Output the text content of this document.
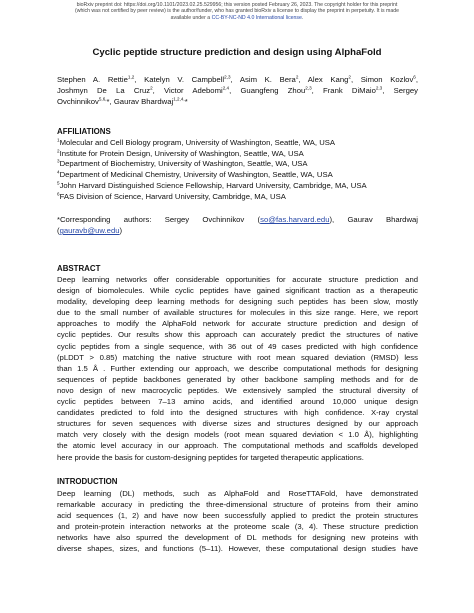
bioRxiv preprint doi: https://doi.org/10.1101/2023.02.25.529956; this version posted February 26, 2023. The copyright holder for this preprint
(which was not certified by peer review) is the author/funder, who has granted bioRxiv a license to display the preprint in perpetuity. It is made
available under a CC-BY-NC-ND 4.0 International license.
Cyclic peptide structure prediction and design using AlphaFold
Stephen A. Rettie$^{1,2}$, Katelyn V. Campbell$^{2,3}$, Asim K. Bera$^2$, Alex Kang$^2$, Simon Kozlov$^6$,
Joshmyn De La Cruz$^2$, Victor Adebomi$^{2,4}$, Guangfeng Zhou$^{2,3}$, Frank DiMaio$^{2,3}$, Sergey
Ovchinnikov$^{5,6,}$*, Gaurav Bhardwaj$^{1,2,4,}$*
AFFILIATIONS
$^1$Molecular and Cell Biology program, University of Washington, Seattle, WA, USA
$^2$Institute for Protein Design, University of Washington, Seattle, WA, USA
$^3$Department of Biochemistry, University of Washington, Seattle, WA, USA
$^4$Department of Medicinal Chemistry, University of Washington, Seattle, WA, USA
$^5$John Harvard Distinguished Science Fellowship, Harvard University, Cambridge, MA, USA
$^6$FAS Division of Science, Harvard University, Cambridge, MA, USA
*Corresponding authors: Sergey Ovchinnikov (so@fas.harvard.edu), Gaurav Bhardwaj
(gauravb@uw.edu)
ABSTRACT
Deep learning networks offer considerable opportunities for accurate structure prediction and
design of biomolecules. While cyclic peptides have gained significant traction as a therapeutic
modality, developing deep learning methods for designing such peptides has been slow, mostly
due to the small number of available structures for molecules in this size range. Here, we report
approaches to modify the AlphaFold network for accurate structure prediction and design of
cyclic peptides. Our results show this approach can accurately predict the structures of native
cyclic peptides from a single sequence, with 36 out of 49 cases predicted with high confidence
(pLDDT > 0.85) matching the native structure with root mean squared deviation (RMSD) less
than 1.5 Å . Further extending our approach, we describe computational methods for designing
sequences of peptide backbones generated by other backbone sampling methods and for de
novo design of new macrocyclic peptides. We extensively sampled the structural diversity of
cyclic peptides between 7–13 amino acids, and identified around 10,000 unique design
candidates predicted to fold into the designed structures with high confidence. X-ray crystal
structures for seven sequences with diverse sizes and structures designed by our approach
match very closely with the design models (root mean squared deviation < 1.0 Å), highlighting
the atomic level accuracy in our approach. The computational methods and scaffolds developed
here provide the basis for custom-designing peptides for targeted therapeutic applications.
INTRODUCTION
Deep learning (DL) methods, such as AlphaFold and RoseTTAFold, have demonstrated
remarkable accuracy in predicting the three-dimensional structure of proteins from their amino
acid sequences (1, 2) and have now been successfully applied to predict the protein structures
and protein-protein interaction networks at the proteome scale (3, 4). These structure prediction
networks have also spurred the development of DL methods for designing new proteins with
diverse shapes, sizes, and functions (5–11). However, these computational design studies have
